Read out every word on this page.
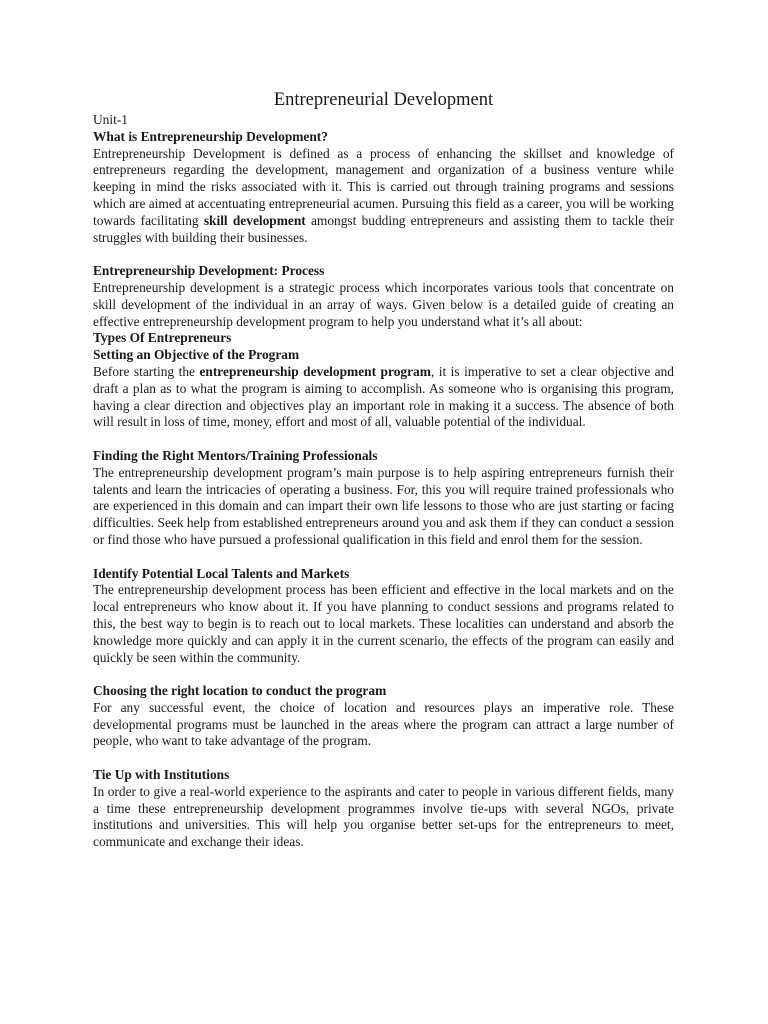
Entrepreneurial Development

Unit-1

What is Entrepreneurship Development?

Entrepreneurship Development is defined as a process of enhancing the skillset and knowledge of entrepreneurs regarding the development, management and organization of a business venture while keeping in mind the risks associated with it. This is carried out through training programs and sessions which are aimed at accentuating entrepreneurial acumen. Pursuing this field as a career, you will be working towards facilitating skill development amongst budding entrepreneurs and assisting them to tackle their struggles with building their businesses.

Entrepreneurship Development: Process

Entrepreneurship development is a strategic process which incorporates various tools that concentrate on skill development of the individual in an array of ways. Given below is a detailed guide of creating an effective entrepreneurship development program to help you understand what it’s all about:

Types Of Entrepreneurs

Setting an Objective of the Program

Before starting the entrepreneurship development program, it is imperative to set a clear objective and draft a plan as to what the program is aiming to accomplish. As someone who is organising this program, having a clear direction and objectives play an important role in making it a success. The absence of both will result in loss of time, money, effort and most of all, valuable potential of the individual.

Finding the Right Mentors/Training Professionals

The entrepreneurship development program’s main purpose is to help aspiring entrepreneurs furnish their talents and learn the intricacies of operating a business. For, this you will require trained professionals who are experienced in this domain and can impart their own life lessons to those who are just starting or facing difficulties. Seek help from established entrepreneurs around you and ask them if they can conduct a session or find those who have pursued a professional qualification in this field and enrol them for the session.

Identify Potential Local Talents and Markets

The entrepreneurship development process has been efficient and effective in the local markets and on the local entrepreneurs who know about it. If you have planning to conduct sessions and programs related to this, the best way to begin is to reach out to local markets. These localities can understand and absorb the knowledge more quickly and can apply it in the current scenario, the effects of the program can easily and quickly be seen within the community.

Choosing the right location to conduct the program

For any successful event, the choice of location and resources plays an imperative role. These developmental programs must be launched in the areas where the program can attract a large number of people, who want to take advantage of the program.

Tie Up with Institutions

In order to give a real-world experience to the aspirants and cater to people in various different fields, many a time these entrepreneurship development programmes involve tie-ups with several NGOs, private institutions and universities. This will help you organise better set-ups for the entrepreneurs to meet, communicate and exchange their ideas.
